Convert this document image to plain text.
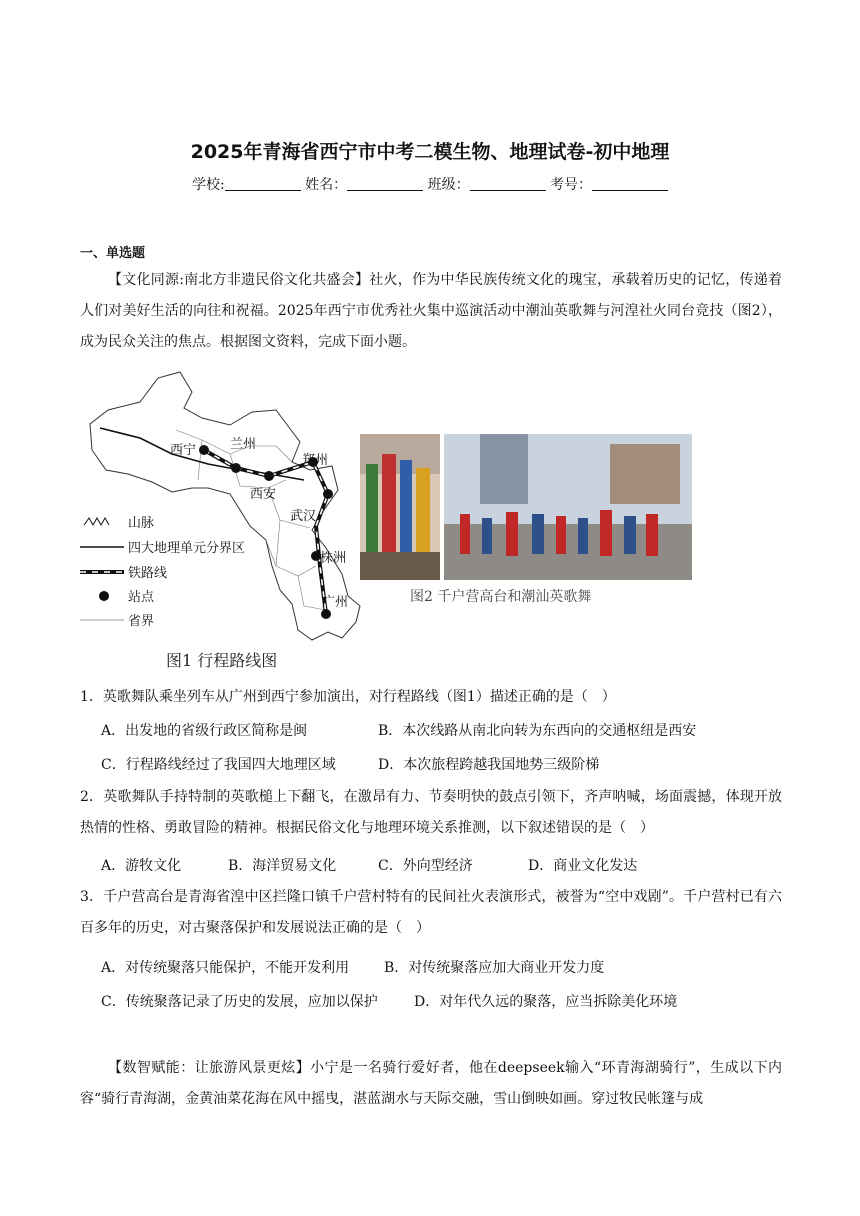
2025年青海省西宁市中考二模生物、地理试卷-初中地理
学校:	姓名：	班级：	考号：
一、单选题
【文化同源:南北方非遗民俗文化共盛会】社火，作为中华民族传统文化的瑰宝，承载着历史的记忆，传递着人们对美好生活的向往和祝福。2025年西宁市优秀社火集中巡演活动中潮汕英歌舞与河湟社火同台竞技（图2），成为民众关注的焦点。根据图文资料，完成下面小题。
西宁	兰州
郑州
西安
武汉
株洲
广州
山脉
四大地理单元分界区
铁路线
站点
省界
图1 行程路线图
图2 千户营高台和潮汕英歌舞
1．英歌舞队乘坐列车从广州到西宁参加演出，对行程路线（图1）描述正确的是（　）
A．出发地的省级行政区简称是闽	B．本次线路从南北向转为东西向的交通枢纽是西安
C．行程路线经过了我国四大地理区域	D．本次旅程跨越我国地势三级阶梯
2．英歌舞队手持特制的英歌槌上下翻飞，在激昂有力、节奏明快的鼓点引领下，齐声呐喊，场面震撼，体现开放热情的性格、勇敢冒险的精神。根据民俗文化与地理环境关系推测，以下叙述错误的是（　）
A．游牧文化	B．海洋贸易文化	C．外向型经济	D．商业文化发达
3．千户营高台是青海省湟中区拦隆口镇千户营村特有的民间社火表演形式，被誉为“空中戏剧”。千户营村已有六百多年的历史，对古聚落保护和发展说法正确的是（　）
A．对传统聚落只能保护，不能开发利用 B．对传统聚落应加大商业开发力度
C．传统聚落记录了历史的发展，应加以保护	D．对年代久远的聚落，应当拆除美化环境
【数智赋能：让旅游风景更炫】小宁是一名骑行爱好者，他在deepseek输入“环青海湖骑行”，生成以下内容“骑行青海湖，金黄油菜花海在风中摇曳，湛蓝湖水与天际交融，雪山倒映如画。穿过牧民帐篷与成
